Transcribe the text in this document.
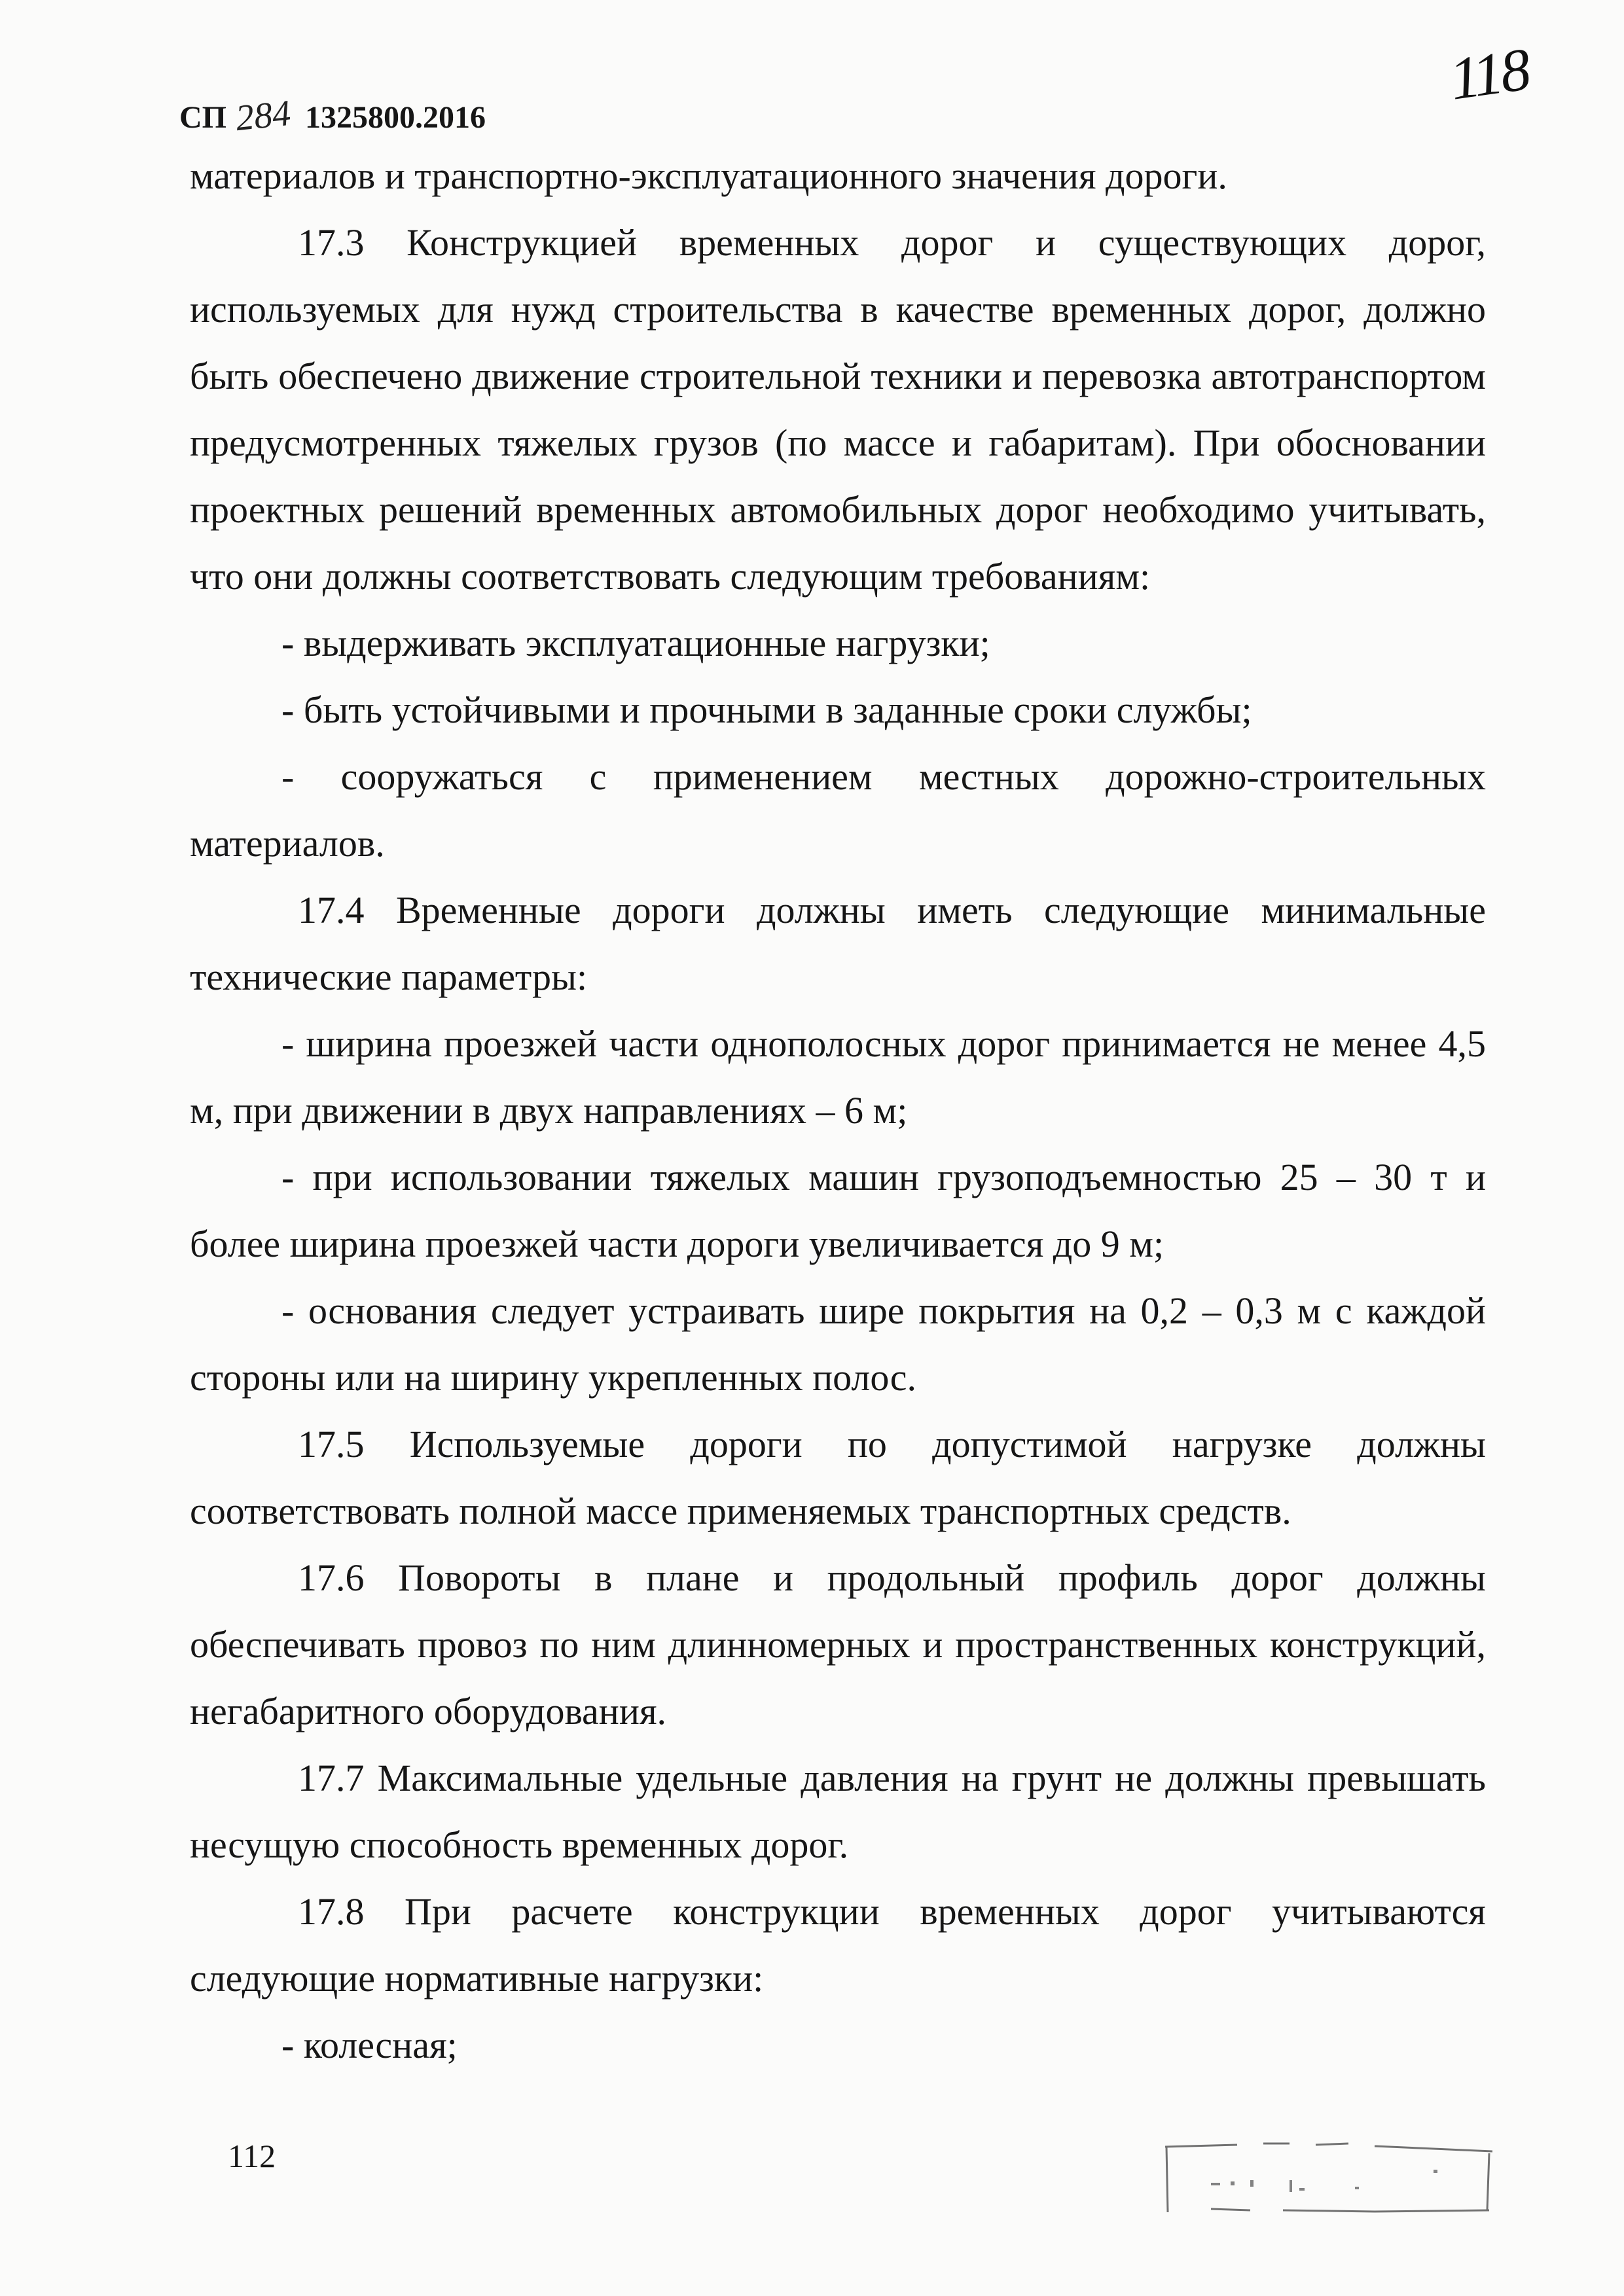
СП 284 1325800.2016
118

материалов и транспортно-эксплуатационного значения дороги.

17.3 Конструкцией временных дорог и существующих дорог, используемых для нужд строительства в качестве временных дорог, должно быть обеспечено движение строительной техники и перевозка автотранспортом предусмотренных тяжелых грузов (по массе и габаритам). При обосновании проектных решений временных автомобильных дорог необходимо учитывать, что они должны соответствовать следующим требованиям:

- выдерживать эксплуатационные нагрузки;

- быть устойчивыми и прочными в заданные сроки службы;

- сооружаться с применением местных дорожно-строительных материалов.

17.4 Временные дороги должны иметь следующие минимальные технические параметры:

- ширина проезжей части однополосных дорог принимается не менее 4,5 м, при движении в двух направлениях – 6 м;

- при использовании тяжелых машин грузоподъемностью 25 – 30 т и более ширина проезжей части дороги увеличивается до 9 м;

- основания следует устраивать шире покрытия на 0,2 – 0,3 м с каждой стороны или на ширину укрепленных полос.

17.5 Используемые дороги по допустимой нагрузке должны соответствовать полной массе применяемых транспортных средств.

17.6 Повороты в плане и продольный профиль дорог должны обеспечивать провоз по ним длинномерных и пространственных конструкций, негабаритного оборудования.

17.7 Максимальные удельные давления на грунт не должны превышать несущую способность временных дорог.

17.8 При расчете конструкции временных дорог учитываются следующие нормативные нагрузки:

- колесная;

112
